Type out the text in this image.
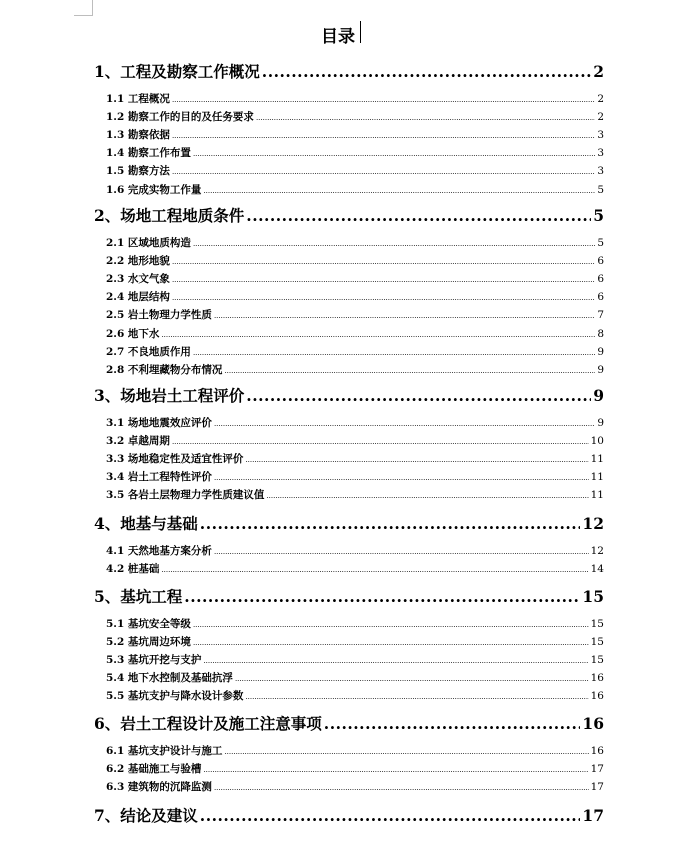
目录
1、工程及勘察工作概况 .....	2
1.1 工程概况 .....	2
1.2 勘察工作的目的及任务要求 .....	2
1.3 勘察依据 .....	3
1.4 勘察工作布置 .....	3
1.5 勘察方法 .....	3
1.6 完成实物工作量 .....	5
2、场地工程地质条件 .....	5
2.1 区域地质构造 .....	5
2.2 地形地貌 .....	6
2.3 水文气象 .....	6
2.4 地层结构 .....	6
2.5 岩土物理力学性质 .....	7
2.6 地下水 .....	8
2.7 不良地质作用 .....	9
2.8 不利埋藏物分布情况 .....	9
3、场地岩土工程评价 .....	9
3.1 场地地震效应评价 .....	9
3.2 卓越周期 .....	10
3.3 场地稳定性及适宜性评价 .....	11
3.4 岩土工程特性评价 .....	11
3.5 各岩土层物理力学性质建议值 .....	11
4、地基与基础 .....	12
4.1 天然地基方案分析 .....	12
4.2 桩基础 .....	14
5、基坑工程 .....	15
5.1 基坑安全等级 .....	15
5.2 基坑周边环境 .....	15
5.3 基坑开挖与支护 .....	15
5.4 地下水控制及基础抗浮 .....	16
5.5 基坑支护与降水设计参数 .....	16
6、岩土工程设计及施工注意事项 .....	16
6.1 基坑支护设计与施工 .....	16
6.2 基础施工与验槽 .....	17
6.3 建筑物的沉降监测 .....	17
7、结论及建议 .....	17
